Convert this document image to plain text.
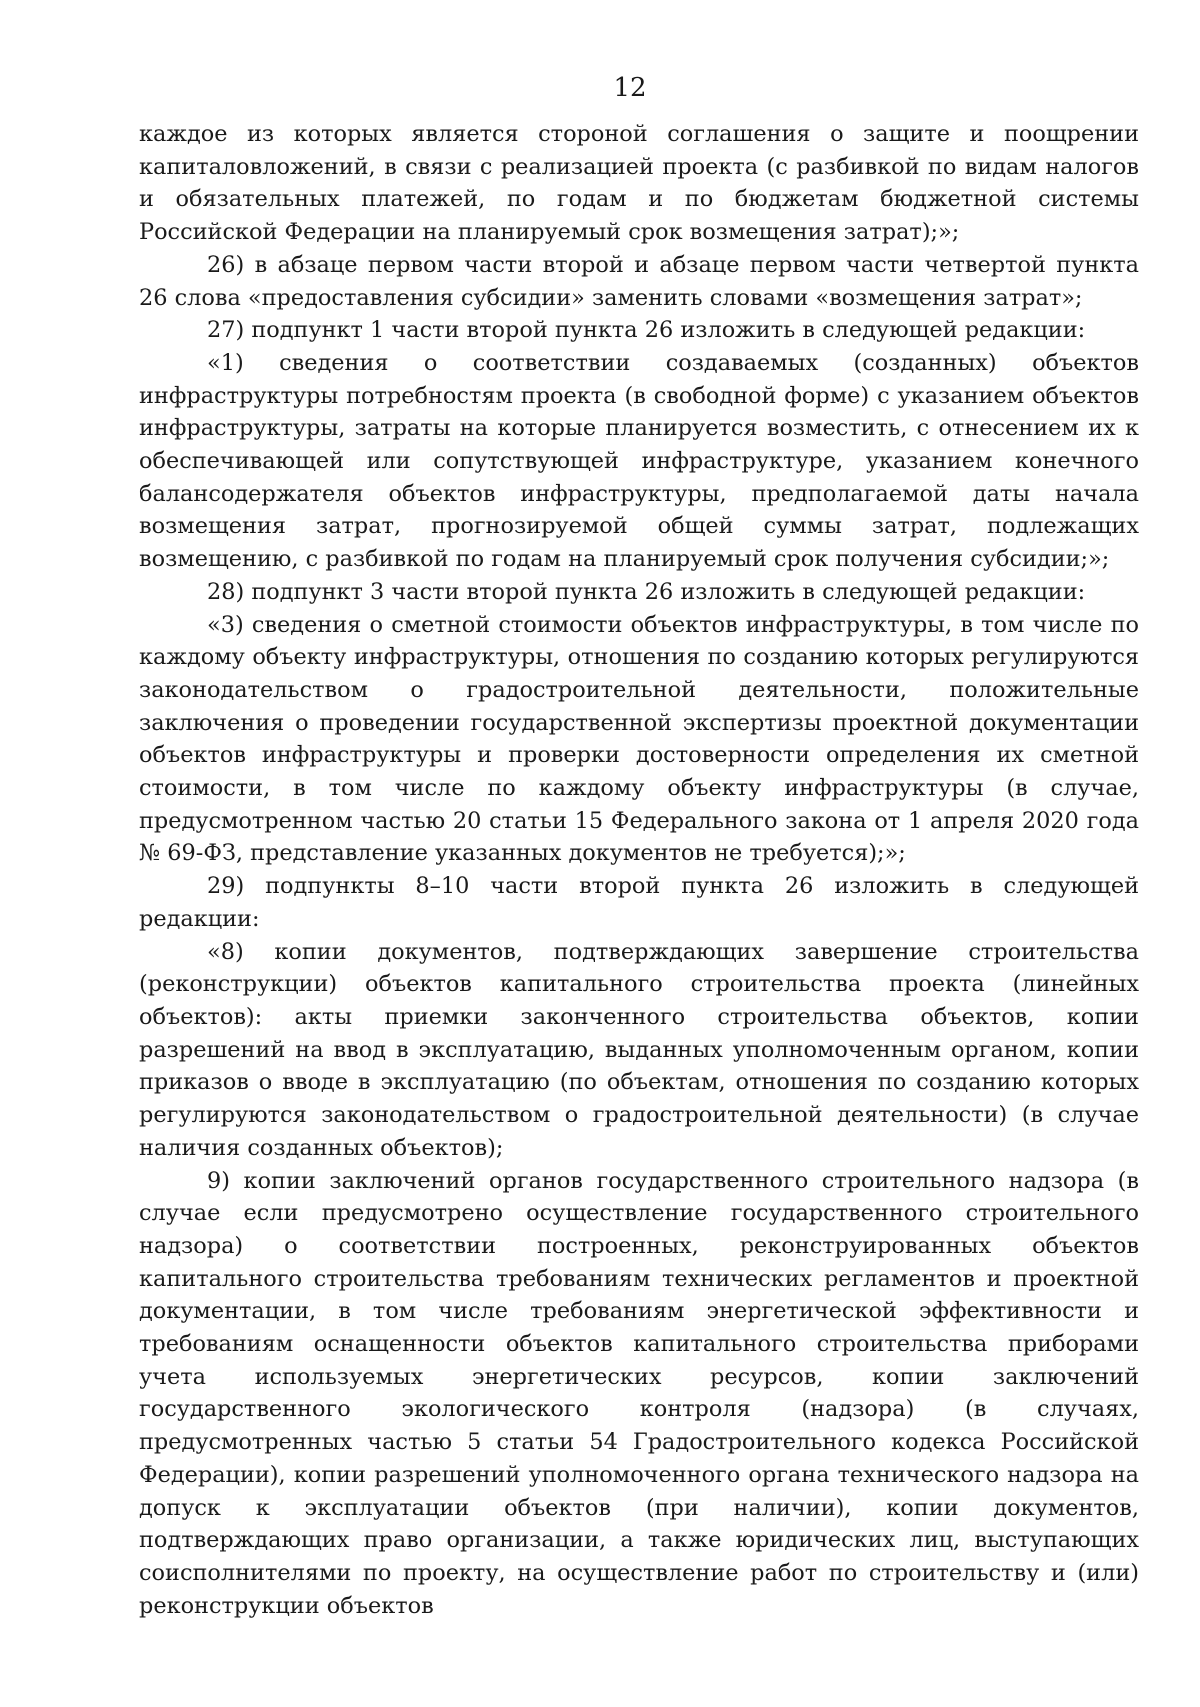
12

каждое из которых является стороной соглашения о защите и поощрении капиталовложений, в связи с реализацией проекта (с разбивкой по видам налогов и обязательных платежей, по годам и по бюджетам бюджетной системы Российской Федерации на планируемый срок возмещения затрат);»;

26) в абзаце первом части второй и абзаце первом части четвертой пункта 26 слова «предоставления субсидии» заменить словами «возмещения затрат»;

27) подпункт 1 части второй пункта 26 изложить в следующей редакции:

«1) сведения о соответствии создаваемых (созданных) объектов инфраструктуры потребностям проекта (в свободной форме) с указанием объектов инфраструктуры, затраты на которые планируется возместить, с отнесением их к обеспечивающей или сопутствующей инфраструктуре, указанием конечного балансодержателя объектов инфраструктуры, предполагаемой даты начала возмещения затрат, прогнозируемой общей суммы затрат, подлежащих возмещению, с разбивкой по годам на планируемый срок получения субсидии;»;

28) подпункт 3 части второй пункта 26 изложить в следующей редакции:

«3) сведения о сметной стоимости объектов инфраструктуры, в том числе по каждому объекту инфраструктуры, отношения по созданию которых регулируются законодательством о градостроительной деятельности, положительные заключения о проведении государственной экспертизы проектной документации объектов инфраструктуры и проверки достоверности определения их сметной стоимости, в том числе по каждому объекту инфраструктуры (в случае, предусмотренном частью 20 статьи 15 Федерального закона от 1 апреля 2020 года № 69-ФЗ, представление указанных документов не требуется);»;

29) подпункты 8–10 части второй пункта 26 изложить в следующей редакции:

«8) копии документов, подтверждающих завершение строительства (реконструкции) объектов капитального строительства проекта (линейных объектов): акты приемки законченного строительства объектов, копии разрешений на ввод в эксплуатацию, выданных уполномоченным органом, копии приказов о вводе в эксплуатацию (по объектам, отношения по созданию которых регулируются законодательством о градостроительной деятельности) (в случае наличия созданных объектов);

9) копии заключений органов государственного строительного надзора (в случае если предусмотрено осуществление государственного строительного надзора) о соответствии построенных, реконструированных объектов капитального строительства требованиям технических регламентов и проектной документации, в том числе требованиям энергетической эффективности и требованиям оснащенности объектов капитального строительства приборами учета используемых энергетических ресурсов, копии заключений государственного экологического контроля (надзора) (в случаях, предусмотренных частью 5 статьи 54 Градостроительного кодекса Российской Федерации), копии разрешений уполномоченного органа технического надзора на допуск к эксплуатации объектов (при наличии), копии документов, подтверждающих право организации, а также юридических лиц, выступающих соисполнителями по проекту, на осуществление работ по строительству и (или) реконструкции объектов
